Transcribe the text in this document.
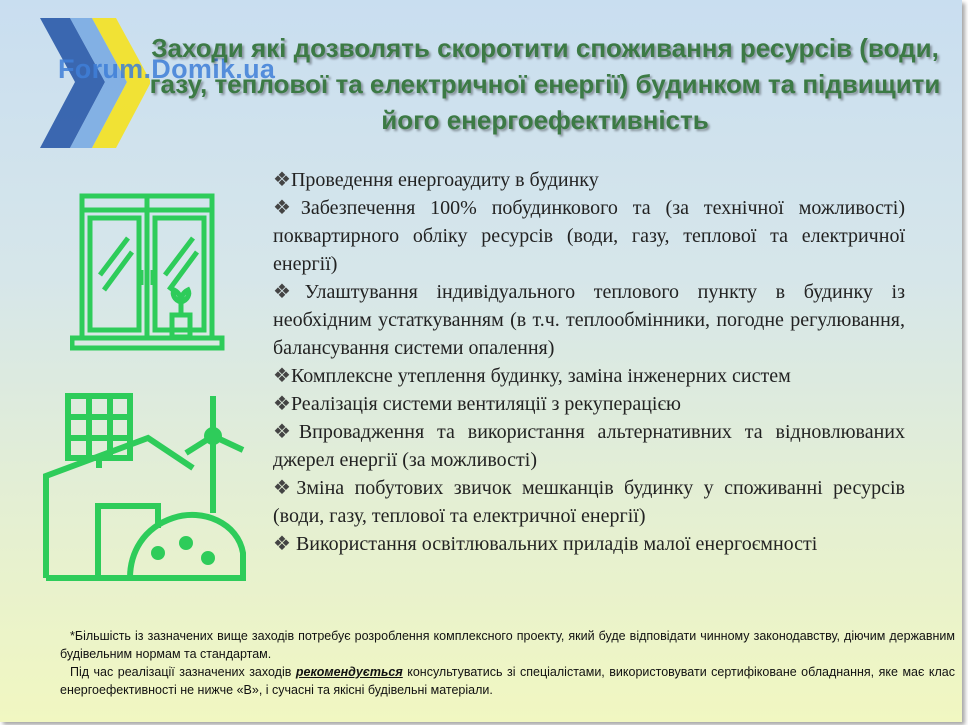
Forum.Domik.ua

Заходи які дозволять скоротити споживання ресурсів (води, газу, теплової та електричної енергії) будинком та підвищити його енергоефективність
❖Проведення енергоаудиту в будинку
❖Забезпечення 100% побудинкового та (за технічної можливості) поквартирного обліку ресурсів (води, газу, теплової та електричної енергії)
❖Улаштування індивідуального теплового пункту в будинку із необхідним устаткуванням (в т.ч. теплообмінники, погодне регулювання, балансування системи опалення)
❖Комплексне утеплення будинку, заміна інженерних систем
❖Реалізація системи вентиляції з рекуперацією
❖Впровадження та використання альтернативних та відновлюваних джерел енергії (за можливості)
❖Зміна побутових звичок мешканців будинку у споживанні ресурсів (води, газу, теплової та електричної енергії)
❖ Використання освітлювальних приладів малої енергоємності

*Більшість із зазначених вище заходів потребує розроблення комплексного проекту, який буде відповідати чинному законодавству, діючим державним будівельним нормам та стандартам.

Під час реалізації зазначених заходів рекомендується консультуватись зі спеціалістами, використовувати сертифіковане обладнання, яке має клас енергоефективності не нижче «В», і сучасні та якісні будівельні матеріали.
